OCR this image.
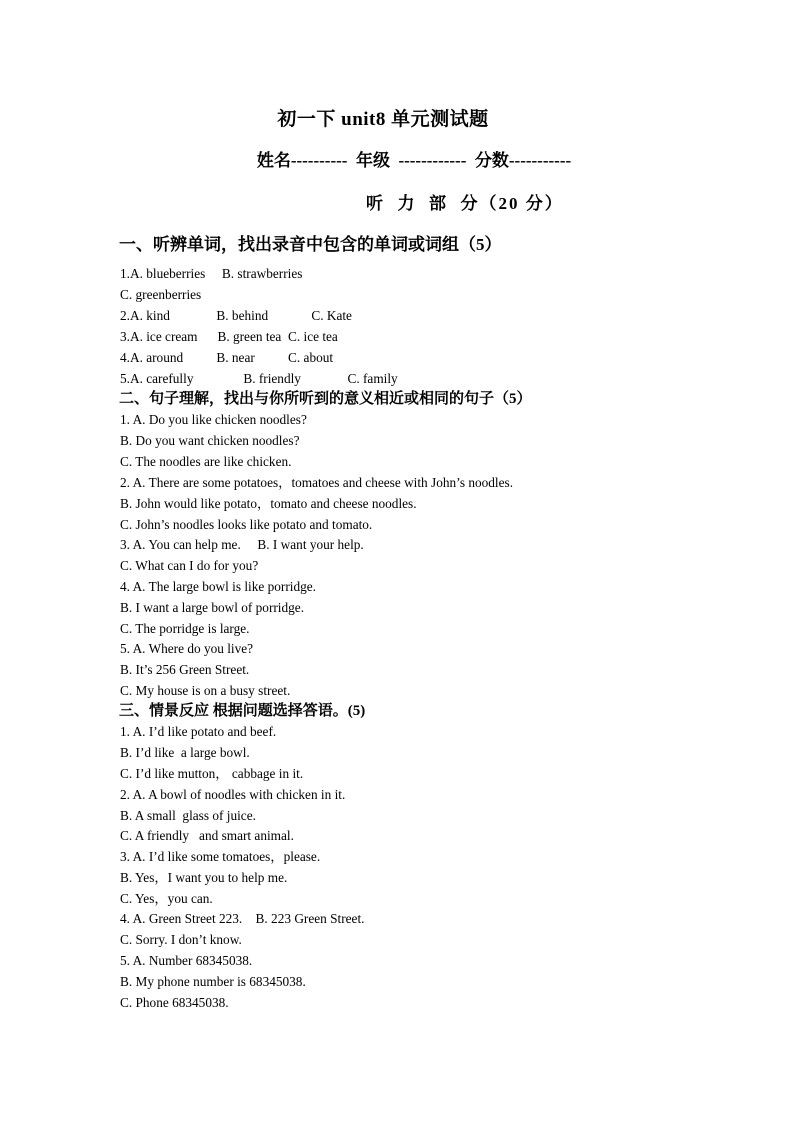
初一下 unit8 单元测试题
姓名----------  年级  ------------  分数-----------
听  力  部  分（20 分）
一、听辨单词，找出录音中包含的单词或词组（5）
1.A. blueberries     B. strawberries
C. greenberries
2.A. kind              B. behind             C. Kate
3.A. ice cream      B. green tea  C. ice tea
4.A. around          B. near          C. about
5.A. carefully               B. friendly              C. family
二、句子理解，找出与你所听到的意义相近或相同的句子（5）
1. A. Do you like chicken noodles?
B. Do you want chicken noodles?
C. The noodles are like chicken.
2. A. There are some potatoes，tomatoes and cheese with John’s noodles.
B. John would like potato，tomato and cheese noodles.
C. John’s noodles looks like potato and tomato.
3. A. You can help me.     B. I want your help.
C. What can I do for you?
4. A. The large bowl is like porridge.
B. I want a large bowl of porridge.
C. The porridge is large.
5. A. Where do you live?
B. It’s 256 Green Street.
C. My house is on a busy street.
三、情景反应 根据问题选择答语。(5)
1. A. I’d like potato and beef.
B. I’d like  a large bowl.
C. I’d like mutton， cabbage in it.
2. A. A bowl of noodles with chicken in it.
B. A small  glass of juice.
C. A friendly   and smart animal.
3. A. I’d like some tomatoes，please.
B. Yes，I want you to help me.
C. Yes，you can.
4. A. Green Street 223.    B. 223 Green Street.
C. Sorry. I don’t know.
5. A. Number 68345038.
B. My phone number is 68345038.
C. Phone 68345038.
